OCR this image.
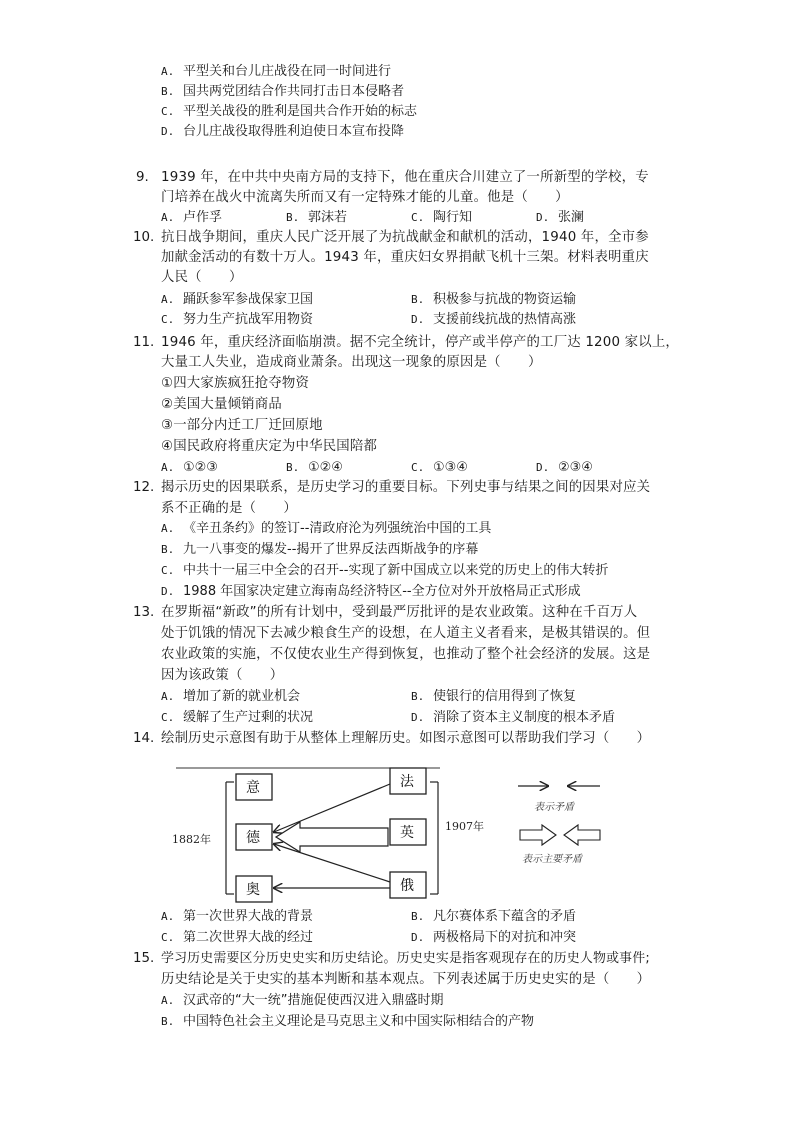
A. 平型关和台儿庄战役在同一时间进行
B. 国共两党团结合作共同打击日本侵略者
C. 平型关战役的胜利是国共合作开始的标志
D. 台儿庄战役取得胜利迫使日本宣布投降
9. 1939 年，在中共中央南方局的支持下，他在重庆合川建立了一所新型的学校，专
门培养在战火中流离失所而又有一定特殊才能的儿童。他是（　　）
A. 卢作孚	B. 郭沫若	C. 陶行知	D. 张澜
10. 抗日战争期间，重庆人民广泛开展了为抗战献金和献机的活动，1940 年，全市参
加献金活动的有数十万人。1943 年，重庆妇女界捐献飞机十三架。材料表明重庆
人民（　　）
A. 踊跃参军参战保家卫国	B. 积极参与抗战的物资运输
C. 努力生产抗战军用物资	D. 支援前线抗战的热情高涨
11. 1946 年，重庆经济面临崩溃。据不完全统计，停产或半停产的工厂达 1200 家以上，
大量工人失业，造成商业萧条。出现这一现象的原因是（　　）
①四大家族疯狂抢夺物资
②美国大量倾销商品
③一部分内迁工厂迁回原地
④国民政府将重庆定为中华民国陪都
A. ①②③	B. ①②④	C. ①③④	D. ②③④
12. 揭示历史的因果联系，是历史学习的重要目标。下列史事与结果之间的因果对应关
系不正确的是（　　）
A. 《辛丑条约》的签订--清政府沦为列强统治中国的工具
B. 九一八事变的爆发--揭开了世界反法西斯战争的序幕
C. 中共十一届三中全会的召开--实现了新中国成立以来党的历史上的伟大转折
D. 1988 年国家决定建立海南岛经济特区--全方位对外开放格局正式形成
13. 在罗斯福“新政”的所有计划中，受到最严厉批评的是农业政策。这种在千百万人
处于饥饿的情况下去减少粮食生产的设想，在人道主义者看来，是极其错误的。但
农业政策的实施，不仅使农业生产得到恢复，也推动了整个社会经济的发展。这是
因为该政策（　　）
A. 增加了新的就业机会	B. 使银行的信用得到了恢复
C. 缓解了生产过剩的状况	D. 消除了资本主义制度的根本矛盾
14. 绘制历史示意图有助于从整体上理解历史。如图示意图可以帮助我们学习（　　）
1882年
1907年
意
德
奥
法
英
俄
表示矛盾
表示主要矛盾
A. 第一次世界大战的背景	B. 凡尔赛体系下蕴含的矛盾
C. 第二次世界大战的经过	D. 两极格局下的对抗和冲突
15. 学习历史需要区分历史史实和历史结论。历史史实是指客观现存在的历史人物或事件;
历史结论是关于史实的基本判断和基本观点。下列表述属于历史史实的是（　　）
A. 汉武帝的“大一统”措施促使西汉进入鼎盛时期
B. 中国特色社会主义理论是马克思主义和中国实际相结合的产物
